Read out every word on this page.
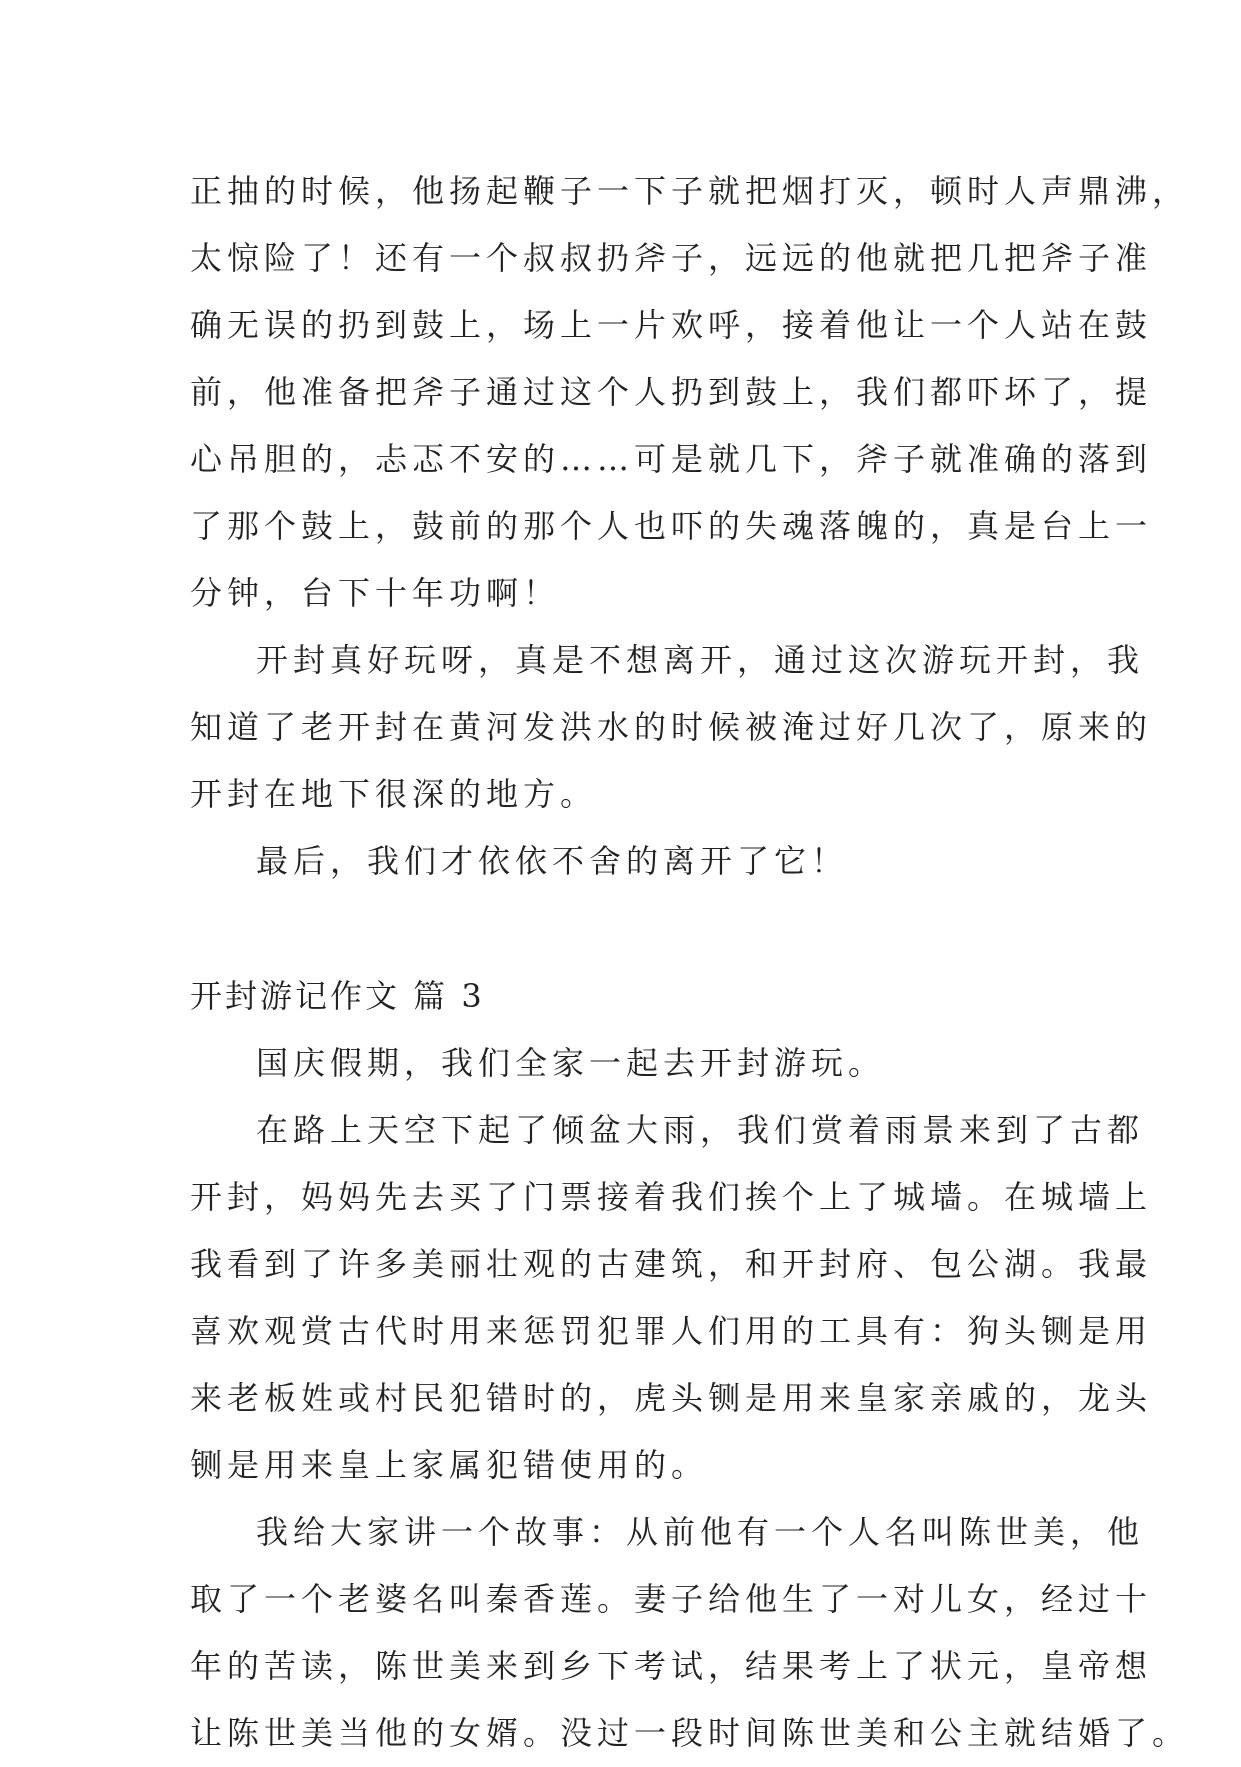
正抽的时候，他扬起鞭子一下子就把烟打灭，顿时人声鼎沸，
太惊险了！还有一个叔叔扔斧子，远远的他就把几把斧子准
确无误的扔到鼓上，场上一片欢呼，接着他让一个人站在鼓
前，他准备把斧子通过这个人扔到鼓上，我们都吓坏了，提
心吊胆的，忐忑不安的……可是就几下，斧子就准确的落到
了那个鼓上，鼓前的那个人也吓的失魂落魄的，真是台上一
分钟，台下十年功啊！
开封真好玩呀，真是不想离开，通过这次游玩开封，我
知道了老开封在黄河发洪水的时候被淹过好几次了，原来的
开封在地下很深的地方。
最后，我们才依依不舍的离开了它！
开封游记作文 篇 3
国庆假期，我们全家一起去开封游玩。
在路上天空下起了倾盆大雨，我们赏着雨景来到了古都
开封，妈妈先去买了门票接着我们挨个上了城墙。在城墙上
我看到了许多美丽壮观的古建筑，和开封府、包公湖。我最
喜欢观赏古代时用来惩罚犯罪人们用的工具有：狗头铡是用
来老板姓或村民犯错时的，虎头铡是用来皇家亲戚的，龙头
铡是用来皇上家属犯错使用的。
我给大家讲一个故事：从前他有一个人名叫陈世美，他
取了一个老婆名叫秦香莲。妻子给他生了一对儿女，经过十
年的苦读，陈世美来到乡下考试，结果考上了状元，皇帝想
让陈世美当他的女婿。没过一段时间陈世美和公主就结婚了。
